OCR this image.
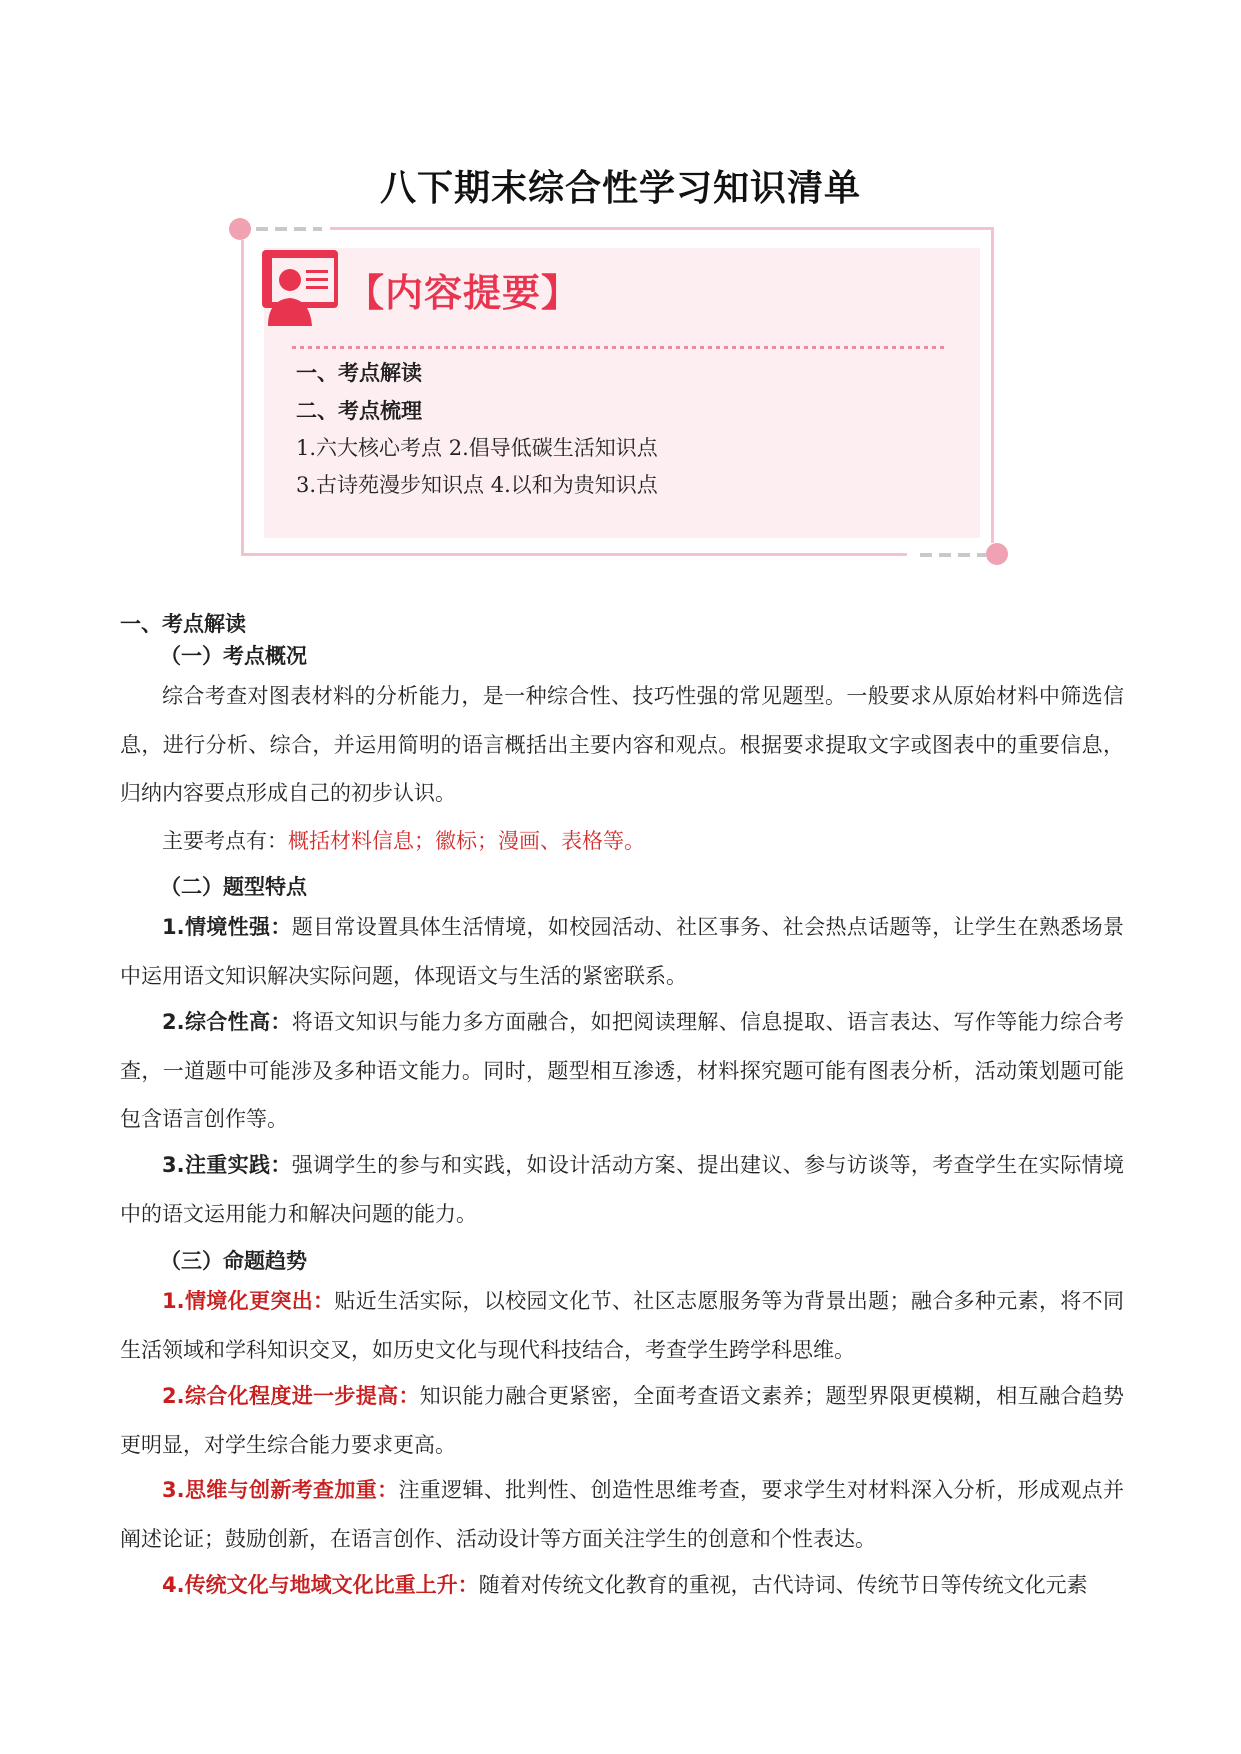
八下期末综合性学习知识清单
【内容提要】
一、考点解读
二、考点梳理
1.六大核心考点 2.倡导低碳生活知识点
3.古诗苑漫步知识点 4.以和为贵知识点
一、考点解读
（一）考点概况
综合考查对图表材料的分析能力，是一种综合性、技巧性强的常见题型。一般要求从原始材料中筛选信息，进行分析、综合，并运用简明的语言概括出主要内容和观点。根据要求提取文字或图表中的重要信息，归纳内容要点形成自己的初步认识。
主要考点有：概括材料信息；徽标；漫画、表格等。
（二）题型特点
1.情境性强：题目常设置具体生活情境，如校园活动、社区事务、社会热点话题等，让学生在熟悉场景中运用语文知识解决实际问题，体现语文与生活的紧密联系。
2.综合性高：将语文知识与能力多方面融合，如把阅读理解、信息提取、语言表达、写作等能力综合考查，一道题中可能涉及多种语文能力。同时，题型相互渗透，材料探究题可能有图表分析，活动策划题可能包含语言创作等。
3.注重实践：强调学生的参与和实践，如设计活动方案、提出建议、参与访谈等，考查学生在实际情境中的语文运用能力和解决问题的能力。
（三）命题趋势
1.情境化更突出：贴近生活实际，以校园文化节、社区志愿服务等为背景出题；融合多种元素，将不同生活领域和学科知识交叉，如历史文化与现代科技结合，考查学生跨学科思维。
2.综合化程度进一步提高：知识能力融合更紧密，全面考查语文素养；题型界限更模糊，相互融合趋势更明显，对学生综合能力要求更高。
3.思维与创新考查加重：注重逻辑、批判性、创造性思维考查，要求学生对材料深入分析，形成观点并阐述论证；鼓励创新，在语言创作、活动设计等方面关注学生的创意和个性表达。
4.传统文化与地域文化比重上升：随着对传统文化教育的重视，古代诗词、传统节日等传统文化元素
